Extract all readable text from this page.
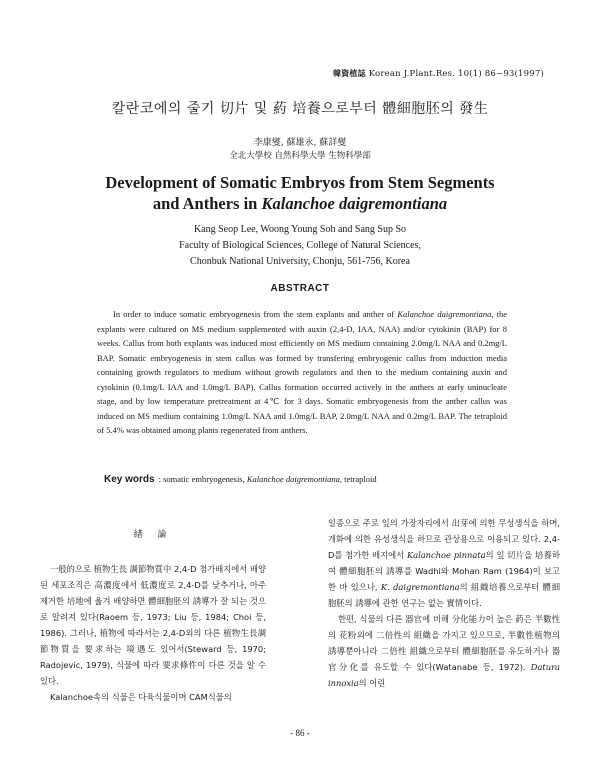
韓資植誌 Korean J.Plant.Res. 10(1) 86~93(1997)
칼란코에의 줄기 切片 및 葯 培養으로부터 體細胞胚의 發生
李康燮, 蘇雄永, 蘇詳燮
全北大學校 自然科學大學 生物科學部
Development of Somatic Embryos from Stem Segments
and Anthers in Kalanchoe daigremontiana
Kang Seop Lee, Woong Young Soh and Sang Sup So
Faculty of Biological Sciences, College of Natural Sciences,
Chonbuk National University, Chonju, 561-756, Korea
ABSTRACT

In order to induce somatic embryogenesis from the stem explants and anther of Kalanchoe daigremontiana, the explants were cultured on MS medium supplemented with auxin (2,4-D, IAA, NAA) and/or cytokinin (BAP) for 8 weeks. Callus from both explants was induced most efficiently on MS medium containing 2.0mg/L NAA and 0.2mg/L BAP. Somatic embryogenesis in stem callus was formed by transfering embryogenic callus from induction media containing growth regulators to medium without growth regulators and then to the medium containing auxin and cytokinin (0.1mg/L IAA and 1.0mg/L BAP). Callus formation occurred actively in the anthers at early uninucleate stage, and by low temperature pretreatment at 4℃ for 3 days. Somatic embryogenesis from the anther callus was induced on MS medium containing 1.0mg/L NAA and 1.0mg/L BAP, 2.0mg/L NAA and 0.2mg/L BAP. The tetraploid of 5.4% was obtained among plants regenerated from anthers.

Key words : somatic embryogenesis, Kalanchoe daigremontiana, tetraploid
緖 論

一般的으로 植物生長 調節物質中 2,4-D 첨가배지에서 배양된 세포조직은 高濃度에서 低濃度로 2,4-D를 낮추거나, 아주 제거한 培地에 옮겨 배양하면 體細胞胚의 誘導가 잘 되는 것으로 알려져 있다(Raoem 등, 1973; Liu 등, 1984; Choi 등, 1986). 그러나, 植物에 따라서는 2,4-D외의 다른 植物生長調節物質을 要求하는 境遇도 있어서(Steward 등, 1970; Radojevic, 1979), 식물에 따라 要求條件이 다른 것을 알 수 있다.

Kalanchoe속의 식물은 다육식물이며 CAM식물의

일종으로 주로 잎의 가장자리에서 出芽에 의한 무성생식을 하며, 개화에 의한 유성생식을 하므로 관상용으로 이용되고 있다. 2,4-D를 첨가한 배지에서 Kalanchoe pinnata의 잎 切片을 培養하여 體細胞胚의 誘導를 Wadhi와 Mohan Ram (1964)이 보고한 바 있으나, K. daigremontiana의 組織培養으로부터 體細胞胚의 誘導에 관한 연구는 없는 實情이다.

한편, 식물의 다른 器官에 비해 分化能力이 높은 葯은 半數性의 花粉외에 二倍性의 組織을 가지고 있으므로, 半數性植物의 誘導뿐아니라 二倍性 組織으로부터 體細胞胚를 유도하거나 器官分化를 유도할 수 있다(Watanabe 등, 1972). Datura innoxia의 어린

- 86 -
